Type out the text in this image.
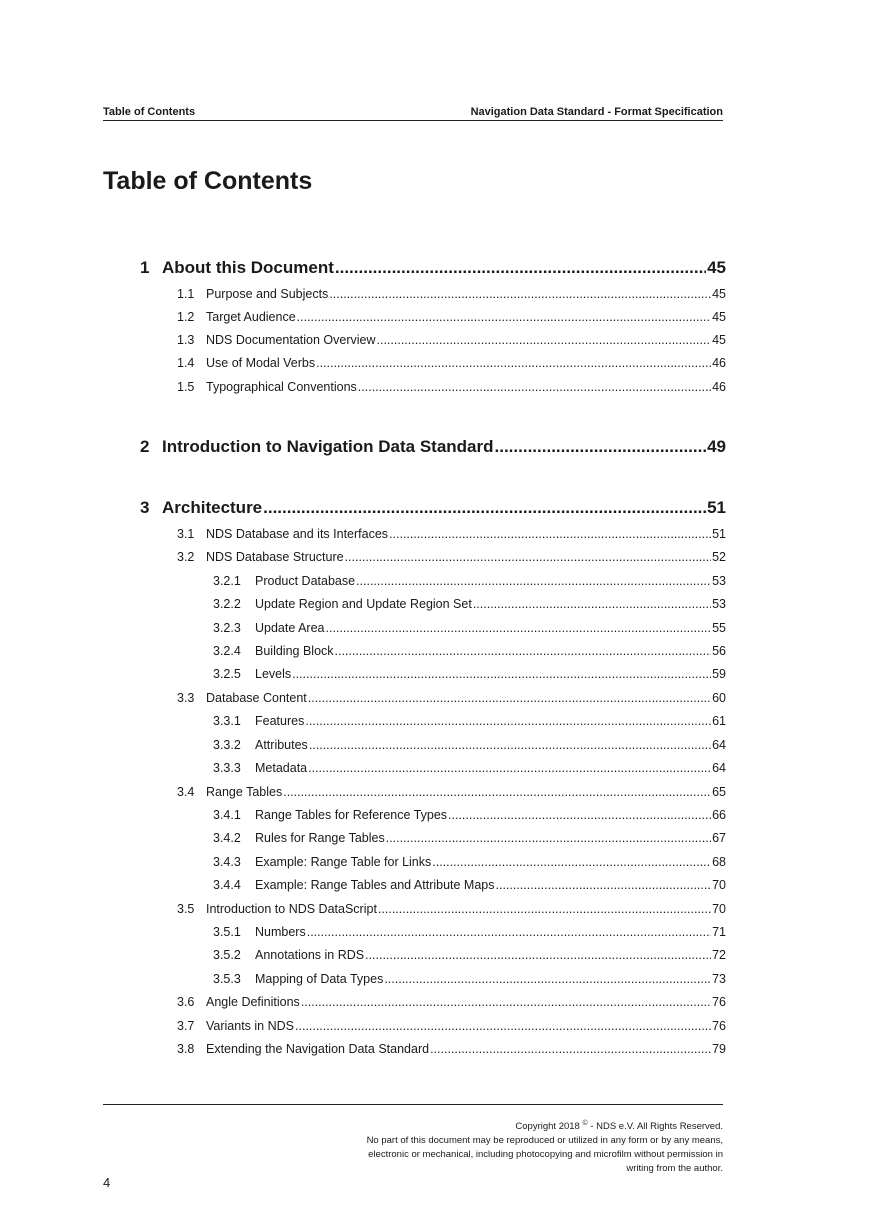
Table of Contents	Navigation Data Standard - Format Specification
Table of Contents
1 About this Document .....	45
1.1 Purpose and Subjects .....	45
1.2 Target Audience .....	45
1.3 NDS Documentation Overview .....	45
1.4 Use of Modal Verbs .....	46
1.5 Typographical Conventions .....	46
2 Introduction to Navigation Data Standard .....	49
3 Architecture .....	51
3.1 NDS Database and its Interfaces .....	51
3.2 NDS Database Structure .....	52
3.2.1	Product Database .....	53
3.2.2	Update Region and Update Region Set .....	53
3.2.3	Update Area .....	55
3.2.4	Building Block .....	56
3.2.5	Levels .....	59
3.3 Database Content .....	60
3.3.1	Features .....	61
3.3.2	Attributes .....	64
3.3.3	Metadata .....	64
3.4 Range Tables .....	65
3.4.1	Range Tables for Reference Types .....	66
3.4.2	Rules for Range Tables .....	67
3.4.3	Example: Range Table for Links .....	68
3.4.4	Example: Range Tables and Attribute Maps .....	70
3.5 Introduction to NDS DataScript .....	70
3.5.1	Numbers .....	71
3.5.2	Annotations in RDS .....	72
3.5.3	Mapping of Data Types .....	73
3.6 Angle Definitions .....	76
3.7 Variants in NDS .....	76
3.8 Extending the Navigation Data Standard .....	79
Copyright 2018 © - NDS e.V. All Rights Reserved.
No part of this document may be reproduced or utilized in any form or by any means,
electronic or mechanical, including photocopying and microfilm without permission in
writing from the author.
4
